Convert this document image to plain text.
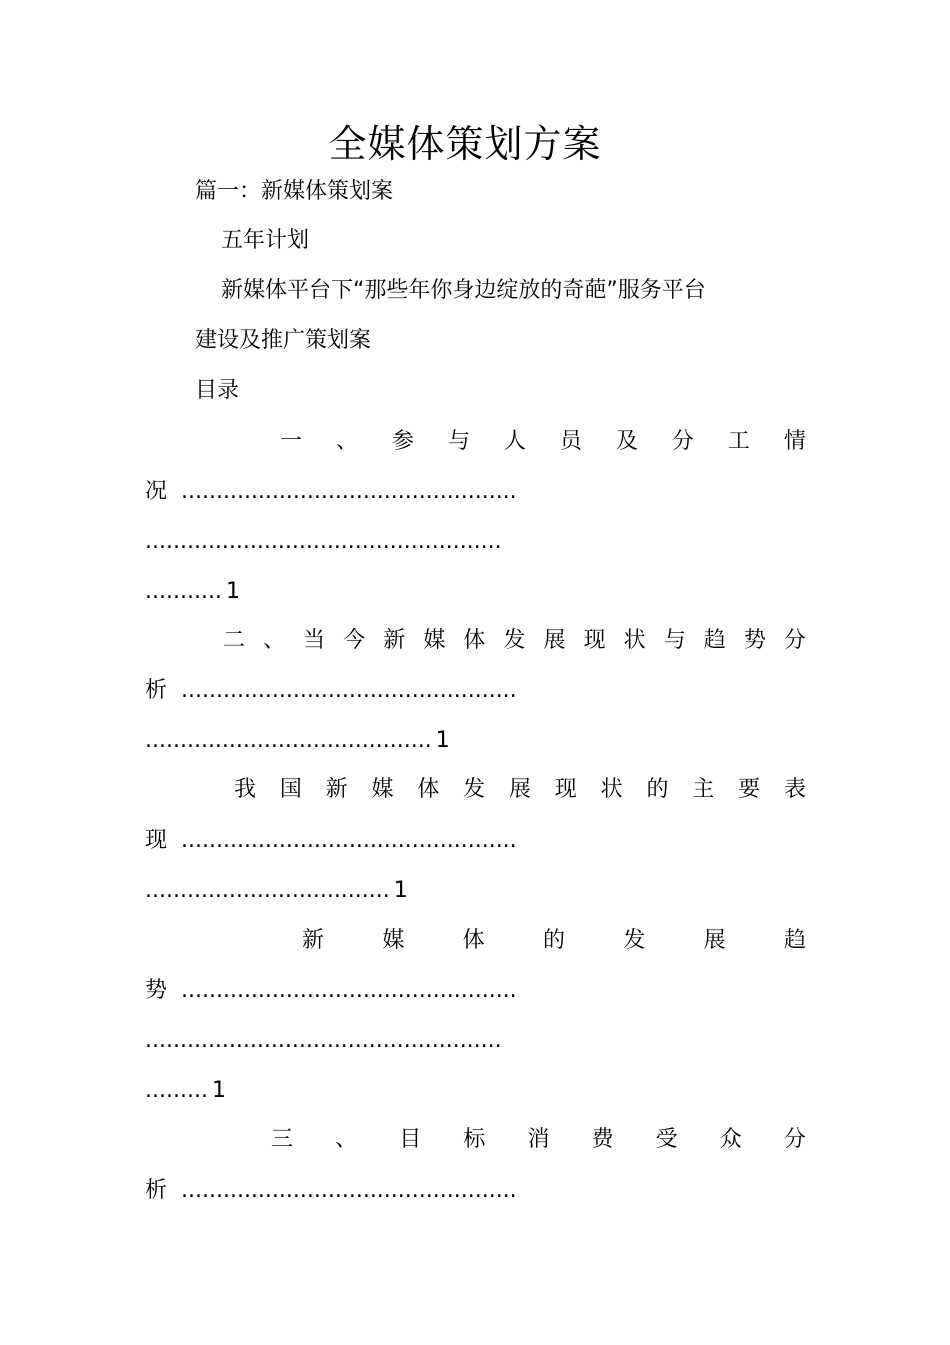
全媒体策划方案
篇一：新媒体策划案
五年计划
新媒体平台下“那些年你身边绽放的奇葩”服务平台
建设及推广策划案
目录
一 、 参 与 人 员 及 分 工 情
况 ................................................
...................................................
........... 1
二 、 当 今 新 媒 体 发 展 现 状 与 趋 势 分
析 ................................................
......................................... 1
我 国 新 媒 体 发 展 现 状 的 主 要 表
现 ................................................
................................... 1
新	媒	体	的	发	展	趋
势 ................................................
...................................................
......... 1
三 、 目 标 消 费 受 众 分
析 ................................................
